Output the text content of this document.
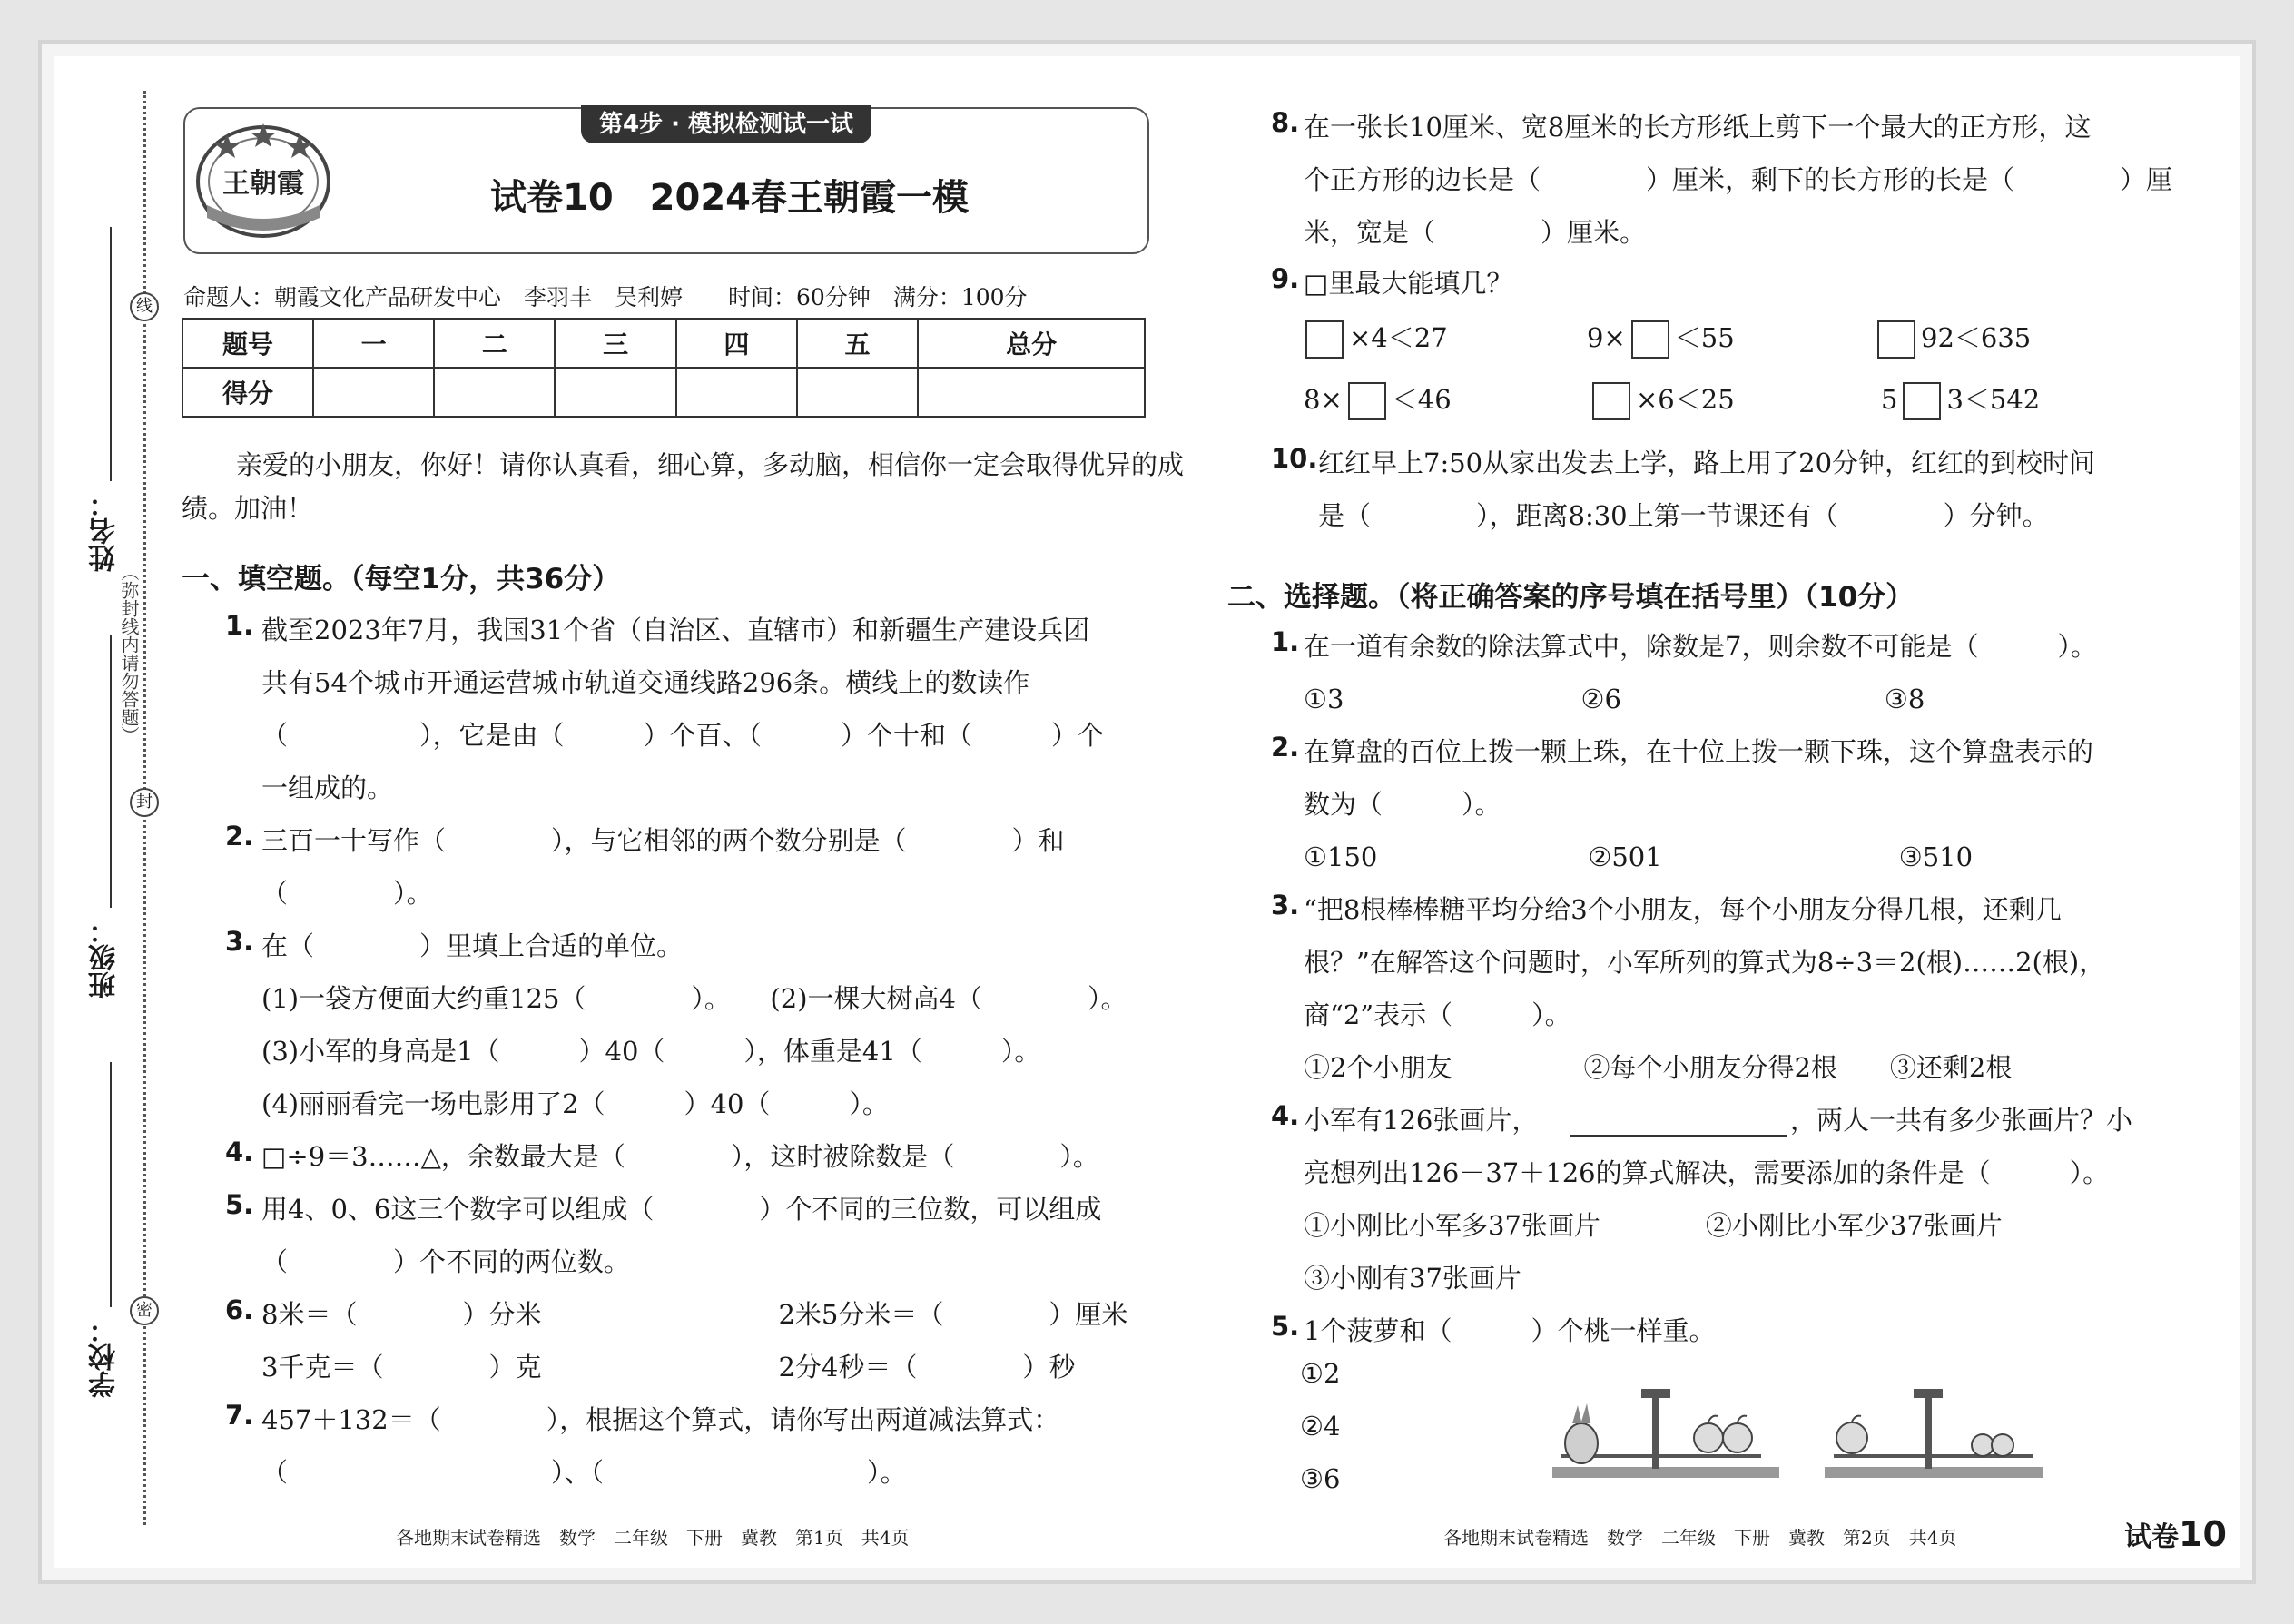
线
封
密
（弥封线内请勿答题）
姓名：
班级：
学校：
第4步 · 模拟检测试一试
王朝霞	试卷10　2024春王朝霞一模
命题人：朝霞文化产品研发中心　李羽丰　吴利婷　　时间：60分钟　满分：100分
题号	一	二	三	四	五	总分
得分						
亲爱的小朋友，你好！请你认真看，细心算，多动脑，相信你一定会取得优异的成
绩。加油！
一、填空题。（每空1分，共36分）
1. 截至2023年7月，我国31个省（自治区、直辖市）和新疆生产建设兵团
共有54个城市开通运营城市轨道交通线路296条。横线上的数读作
（　　　　　），它是由（　　　）个百、（　　　）个十和（　　　）个
一组成的。
2. 三百一十写作（　　　　），与它相邻的两个数分别是（　　　　）和
（　　　　）。
3. 在（　　　　）里填上合适的单位。
(1)一袋方便面大约重125（　　　　）。　　(2)一棵大树高4（　　　　）。
(3)小军的身高是1（　　　）40（　　　），体重是41（　　　）。
(4)丽丽看完一场电影用了2（　　　）40（　　　）。
4. □÷9＝3……△，余数最大是（　　　　），这时被除数是（　　　　）。
5. 用4、0、6这三个数字可以组成（　　　　）个不同的三位数，可以组成
（　　　　）个不同的两位数。
6. 8米＝（　　　　）分米　　　　　　　　　2米5分米＝（　　　　）厘米
3千克＝（　　　　）克　　　　　　　　　2分4秒＝（　　　　）秒
7. 457＋132＝（　　　　），根据这个算式，请你写出两道减法算式：
（　　　　　　　　　　）、（　　　　　　　　　　）。
8. 在一张长10厘米、宽8厘米的长方形纸上剪下一个最大的正方形，这
个正方形的边长是（　　　　）厘米，剩下的长方形的长是（　　　　）厘
米，宽是（　　　　）厘米。
9. □里最大能填几？
×4＜27	9× ＜55	92＜635
8× ＜46	×6＜25	5 3＜542
10. 红红早上7:50从家出发去上学，路上用了20分钟，红红的到校时间
是（　　　　），距离8:30上第一节课还有（　　　　）分钟。
二、选择题。（将正确答案的序号填在括号里）（10分）
1. 在一道有余数的除法算式中，除数是7，则余数不可能是（　　　）。
①3　　　　　　　　　②6　　　　　　　　　　③8
2. 在算盘的百位上拨一颗上珠，在十位上拨一颗下珠，这个算盘表示的
数为（　　　）。
①150　　　　　　　　②501　　　　　　　　　③510
3. “把8根棒棒糖平均分给3个小朋友，每个小朋友分得几根，还剩几
根？”在解答这个问题时，小军所列的算式为8÷3＝2(根)……2(根)，
商“2”表示（　　　）。
①2个小朋友　　　　　②每个小朋友分得2根　　③还剩2根
4. 小军有126张画片，
亮想列出126－37＋126的算式解决，需要添加的条件是（　　　）。
①小刚比小军多37张画片　　　　②小刚比小军少37张画片
③小刚有37张画片
5. 1个菠萝和（　　　）个桃一样重。
，两人一共有多少张画片？小
①2
②4
③6
各地期末试卷精选　数学　二年级　下册　冀教　第1页　共4页	各地期末试卷精选　数学　二年级　下册　冀教　第2页　共4页	试卷10
